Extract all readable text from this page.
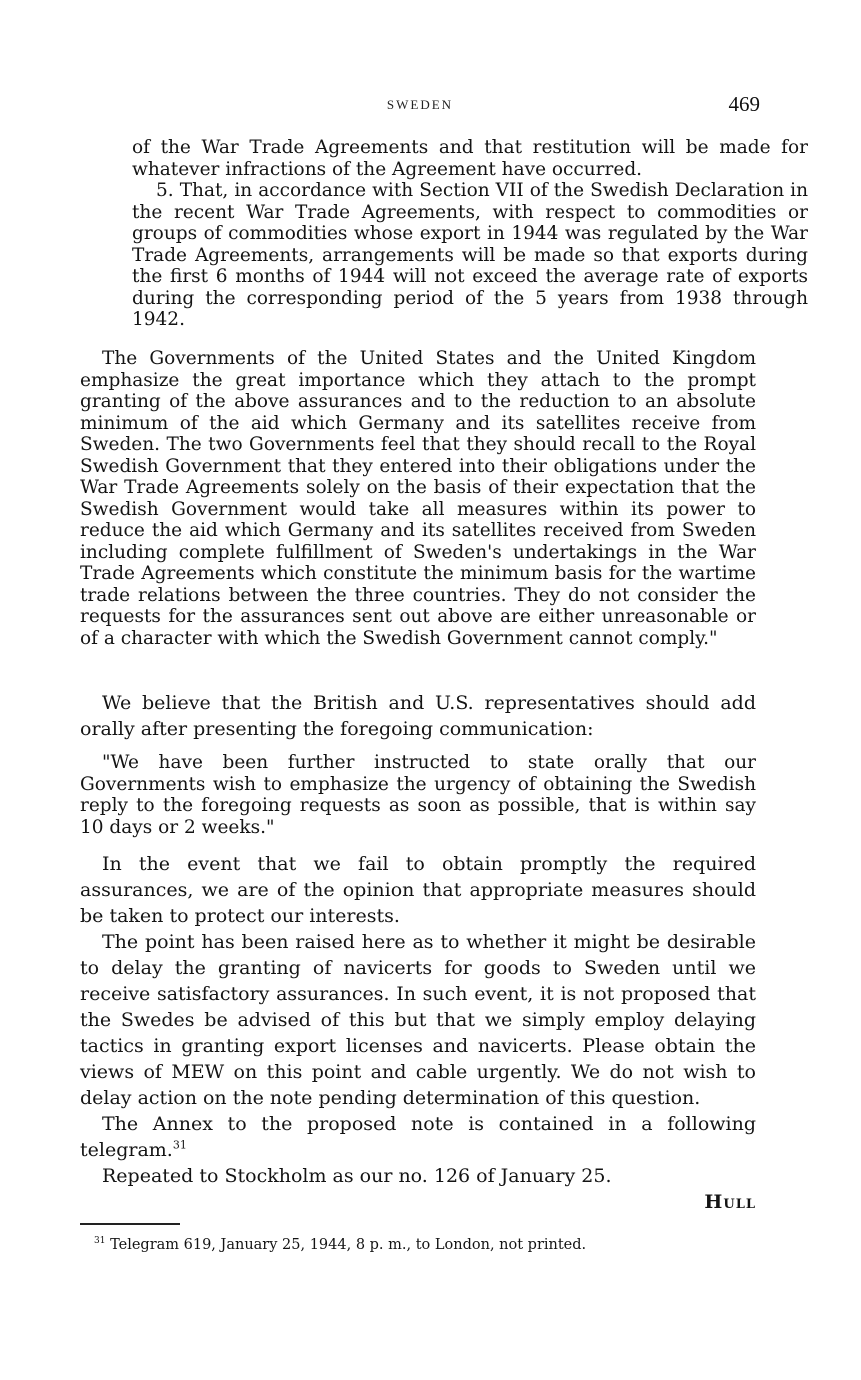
SWEDEN	469

of the War Trade Agreements and that restitution will be made for whatever infractions of the Agreement have occurred.

5. That, in accordance with Section VII of the Swedish Declaration in the recent War Trade Agreements, with respect to commodities or groups of commodities whose export in 1944 was regulated by the War Trade Agreements, arrangements will be made so that exports during the first 6 months of 1944 will not exceed the average rate of exports during the corresponding period of the 5 years from 1938 through 1942.

The Governments of the United States and the United Kingdom emphasize the great importance which they attach to the prompt granting of the above assurances and to the reduction to an absolute minimum of the aid which Germany and its satellites receive from Sweden. The two Governments feel that they should recall to the Royal Swedish Government that they entered into their obligations under the War Trade Agreements solely on the basis of their expectation that the Swedish Government would take all measures within its power to reduce the aid which Germany and its satellites received from Sweden including complete fulfillment of Sweden's undertakings in the War Trade Agreements which constitute the minimum basis for the wartime trade relations between the three countries. They do not consider the requests for the assurances sent out above are either unreasonable or of a character with which the Swedish Government cannot comply."

We believe that the British and U.S. representatives should add orally after presenting the foregoing communication:

"We have been further instructed to state orally that our Governments wish to emphasize the urgency of obtaining the Swedish reply to the foregoing requests as soon as possible, that is within say 10 days or 2 weeks."

In the event that we fail to obtain promptly the required assurances, we are of the opinion that appropriate measures should be taken to protect our interests.

The point has been raised here as to whether it might be desirable to delay the granting of navicerts for goods to Sweden until we receive satisfactory assurances. In such event, it is not proposed that the Swedes be advised of this but that we simply employ delaying tactics in granting export licenses and navicerts. Please obtain the views of MEW on this point and cable urgently. We do not wish to delay action on the note pending determination of this question.

The Annex to the proposed note is contained in a following telegram.$^{31}$

Repeated to Stockholm as our no. 126 of January 25.

Hull

$^{31}$ Telegram 619, January 25, 1944, 8 p. m., to London, not printed.
